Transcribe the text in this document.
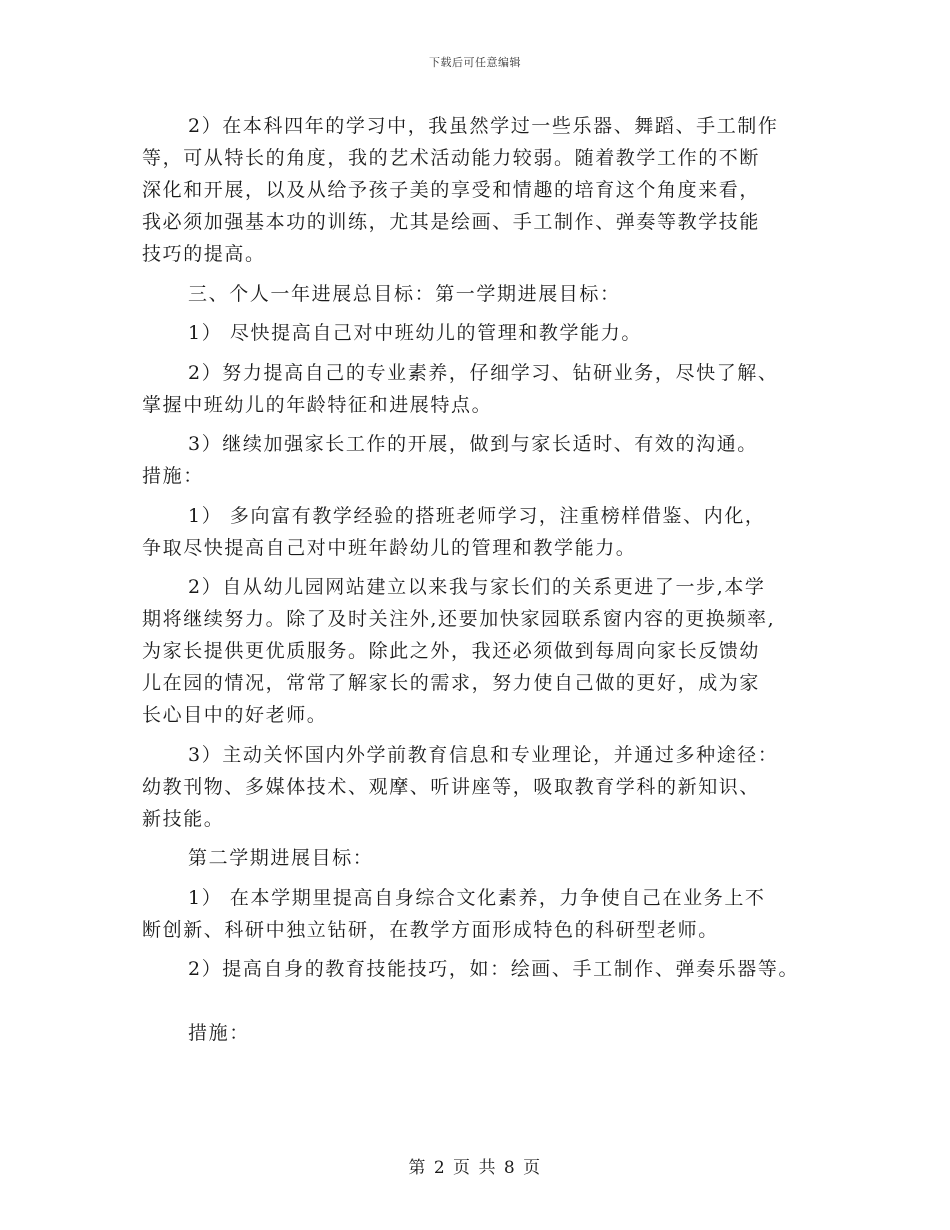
下载后可任意编辑
2）在本科四年的学习中，我虽然学过一些乐器、舞蹈、手工制作
等，可从特长的角度，我的艺术活动能力较弱。随着教学工作的不断
深化和开展，以及从给予孩子美的享受和情趣的培育这个角度来看，
我必须加强基本功的训练，尤其是绘画、手工制作、弹奏等教学技能
技巧的提高。
三、个人一年进展总目标：第一学期进展目标：
1） 尽快提高自己对中班幼儿的管理和教学能力。
2）努力提高自己的专业素养，仔细学习、钻研业务，尽快了解、
掌握中班幼儿的年龄特征和进展特点。
3）继续加强家长工作的开展，做到与家长适时、有效的沟通。
措施：
1） 多向富有教学经验的搭班老师学习，注重榜样借鉴、内化，
争取尽快提高自己对中班年龄幼儿的管理和教学能力。
2）自从幼儿园网站建立以来我与家长们的关系更进了一步,本学
期将继续努力。除了及时关注外,还要加快家园联系窗内容的更换频率,
为家长提供更优质服务。除此之外，我还必须做到每周向家长反馈幼
儿在园的情况，常常了解家长的需求，努力使自己做的更好，成为家
长心目中的好老师。
3）主动关怀国内外学前教育信息和专业理论，并通过多种途径：
幼教刊物、多媒体技术、观摩、听讲座等，吸取教育学科的新知识、
新技能。
第二学期进展目标：
1） 在本学期里提高自身综合文化素养，力争使自己在业务上不
断创新、科研中独立钻研，在教学方面形成特色的科研型老师。
2）提高自身的教育技能技巧，如：绘画、手工制作、弹奏乐器等。
措施：
第 2 页 共 8 页
